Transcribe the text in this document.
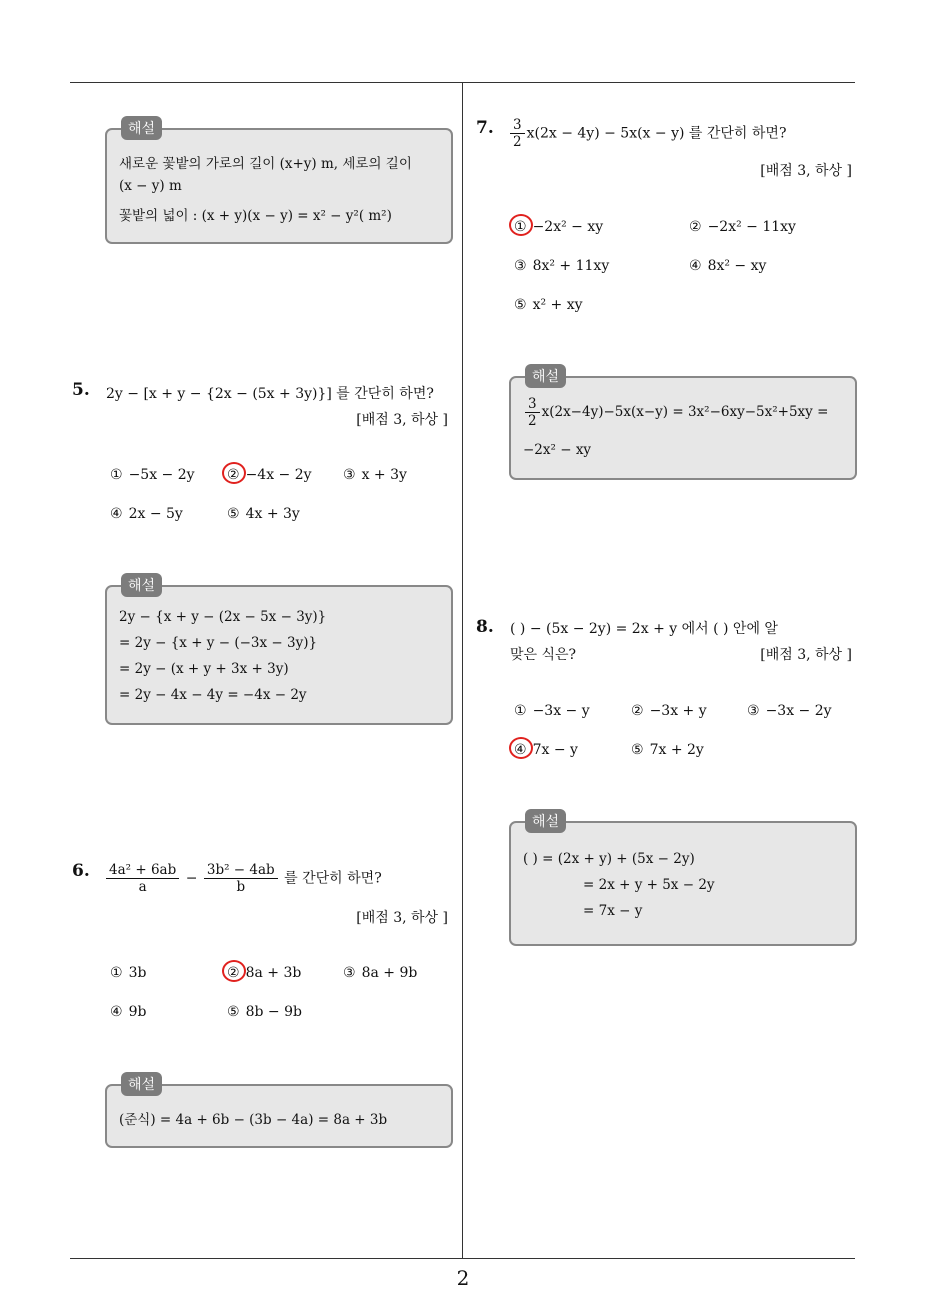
2
해설
새로운 꽃밭의 가로의 길이 (x+y) m, 세로의 길이
(x − y) m
꽃밭의 넓이 : (x + y)(x − y) = x² − y²( m²)
5. 2y − [x + y − {2x − (5x + 3y)}] 를 간단히 하면?
[배점 3, 하상 ]
① −5x − 2y ② −4x − 2y ③ x + 3y
④ 2x − 5y	⑤ 4x + 3y
해설
2y − {x + y − (2x − 5x − 3y)}
= 2y − {x + y − (−3x − 3y)}
= 2y − (x + y + 3x + 3y)
= 2y − 4x − 4y = −4x − 2y
6. $\frac{\text{4a² + 6ab}}{a} - \frac{\text{3b² − 4ab}}{b}$ 를 간단히 하면?
[배점 3, 하상 ]
① 3b	② 8a + 3b	③ 8a + 9b
④ 9b	⑤ 8b − 9b
해설
(준식) = 4a + 6b − (3b − 4a) = 8a + 3b
7. $\frac{3}{2} x(2x - 4y) - 5x(x - y)$ 를 간단히 하면?
[배점 3, 하상 ]
① −2x² − xy	② −2x² − 11xy
③ 8x² + 11xy	④ 8x² − xy
⑤ x² + xy
해설
$\frac{3}{2} x(2x-4y)-5x(x-y) = 3x^2-6xy-5x^2+5xy$ =
−2x² − xy
8. ( ) − (5x − 2y) = 2x + y 에서 ( ) 안에 알
맞은 식은?	[배점 3, 하상 ]
① −3x − y	② −3x + y	③ −3x − 2y
④ 7x − y	⑤ 7x + 2y
해설
( ) = (2x + y) + (5x − 2y)
= 2x + y + 5x − 2y
= 7x − y
